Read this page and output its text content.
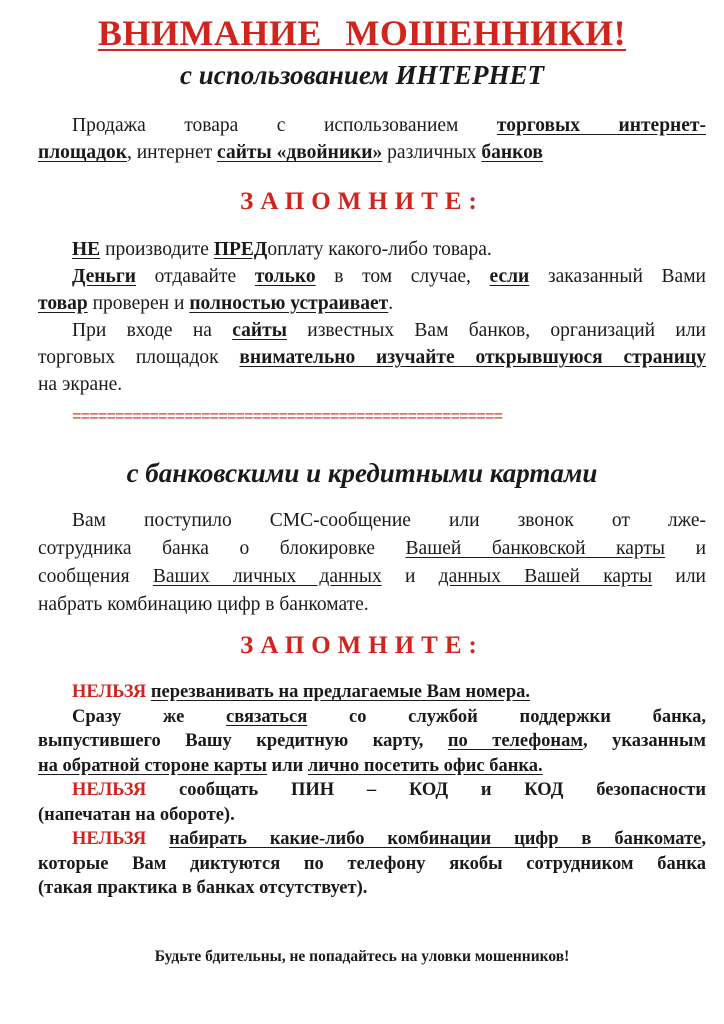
ВНИМАНИЕ МОШЕННИКИ!
с использованием ИНТЕРНЕТ
Продажа товара с использованием торговых интернет-
площадок, интернет сайты «двойники» различных банков
ЗАПОМНИТЕ:
НЕ производите ПРЕДоплату какого-либо товара.
Деньги отдавайте только в том случае, если заказанный Вами
товар проверен и полностью устраивает.
При входе на сайты известных Вам банков, организаций или
торговых площадок внимательно изучайте открывшуюся страницу
на экране.
==================================================
с банковскими и кредитными картами
Вам поступило СМС-сообщение или звонок от лже-
сотрудника банка о блокировке Вашей банковской карты и
сообщения Ваших личных данных и данных Вашей карты или
набрать комбинацию цифр в банкомате.
ЗАПОМНИТЕ:
НЕЛЬЗЯ перезванивать на предлагаемые Вам номера.
Сразу же связаться со службой поддержки банка,
выпустившего Вашу кредитную карту, по телефонам, указанным
на обратной стороне карты или лично посетить офис банка.
НЕЛЬЗЯ сообщать ПИН – КОД и КОД безопасности
(напечатан на обороте).
НЕЛЬЗЯ набирать какие-либо комбинации цифр в банкомате,
которые Вам диктуются по телефону якобы сотрудником банка
(такая практика в банках отсутствует).
Будьте бдительны, не попадайтесь на уловки мошенников!
